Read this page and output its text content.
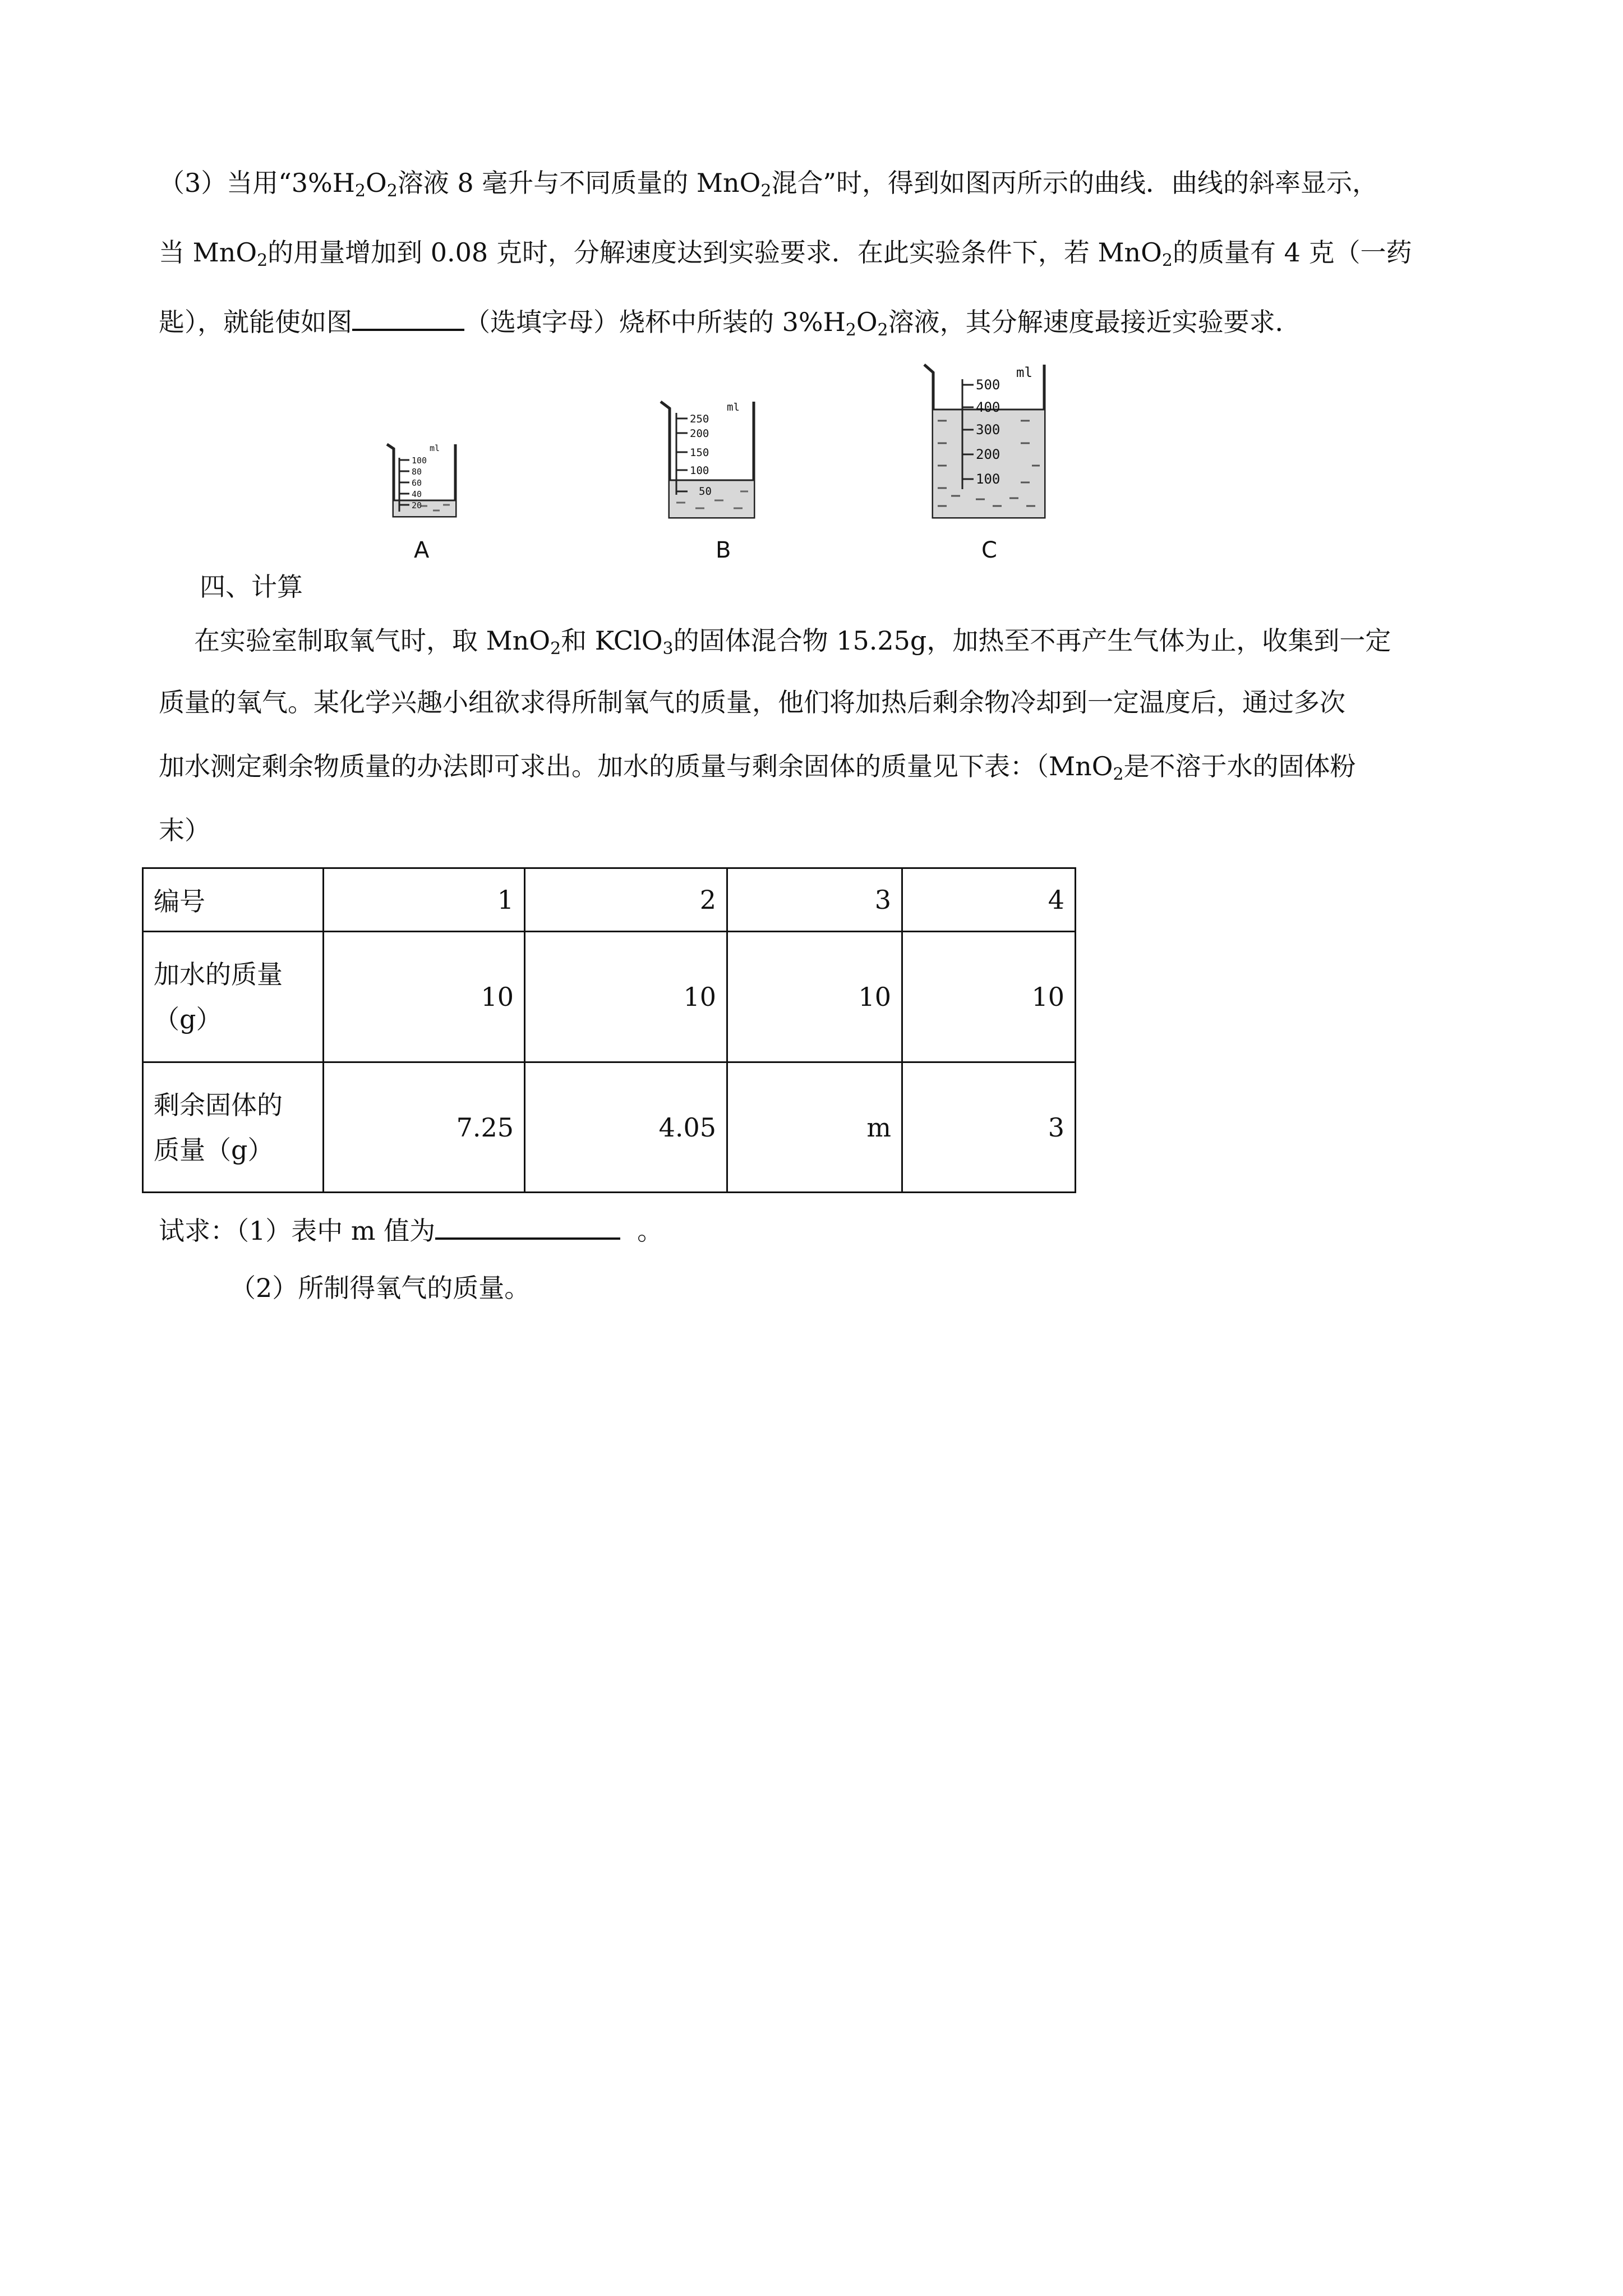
（3）当用“$3\%H_2O_2$溶液 8 毫升与不同质量的 MnO$_2$混合”时，得到如图丙所示的曲线．曲线的斜率显示，
当 MnO$_2$的用量增加到 0.08 克时，分解速度达到实验要求．在此实验条件下，若 MnO$_2$的质量有 4 克（一药
匙），就能使如图	（选填字母）烧杯中所装的 $3\%H_2O_2$溶液，其分解速度最接近实验要求．
ml
100
80
60
40
20
A
ml
250
200
150
100
50
B
ml
500
400
300
200
100
C
四、计算
在实验室制取氧气时，取 MnO$_2$和 KClO$_3$的固体混合物 15.25g，加热至不再产生气体为止，收集到一定
质量的氧气。某化学兴趣小组欲求得所制氧气的质量，他们将加热后剩余物冷却到一定温度后，通过多次
加水测定剩余物质量的办法即可求出。加水的质量与剩余固体的质量见下表：（MnO$_2$是不溶于水的固体粉
末）
编号	1	2	3	4

加水的质量
（g）	10	10	10	10

剩余固体的
质量（g）	7.25	4.05	m	3
试求：（1）表中 m 值为	。
（2）所制得氧气的质量。
